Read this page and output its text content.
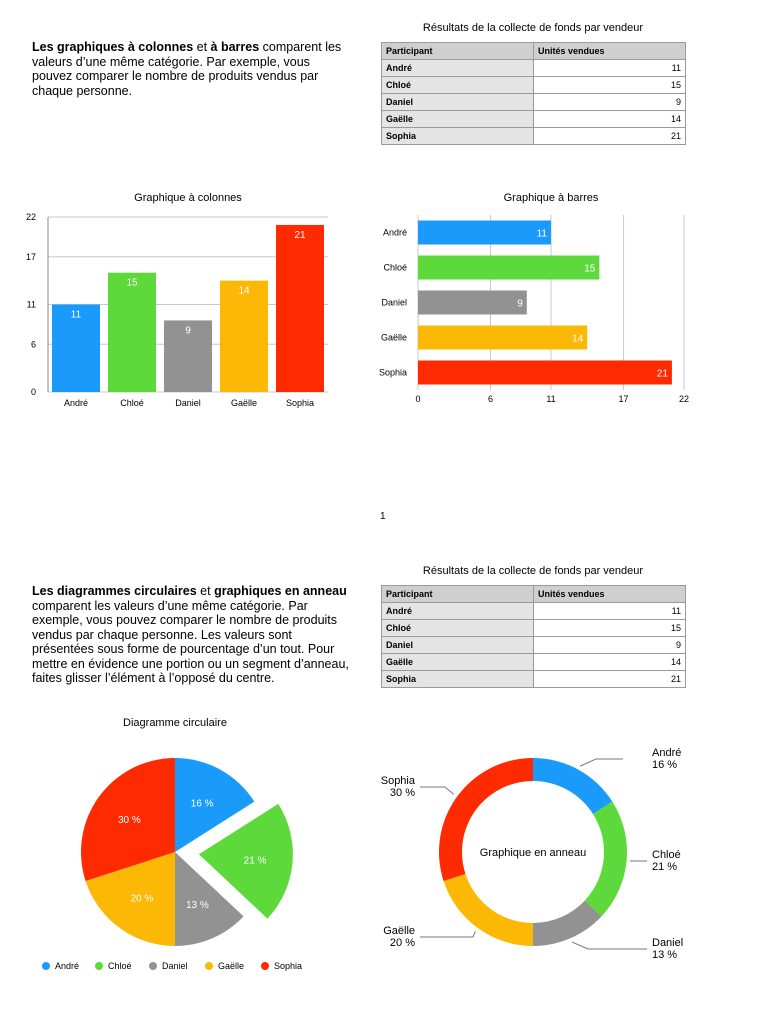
Les graphiques à colonnes et à barres comparent les valeurs d’une même catégorie. Par exemple, vous pouvez comparer le nombre de produits vendus par chaque personne.
Résultats de la collecte de fonds par vendeur
Participant	Unités vendues
André	11
Chloé	15
Daniel	9
Gaëlle	14
Sophia	21
Graphique à colonnes
0
6
11
17
22
11
André
15
Chloé
9
Daniel
14
Gaëlle
21
Sophia
Graphique à barres
0	6	11	17	22
11
André
15
Chloé
9
Daniel
14
Gaëlle
21
Sophia
1
Les diagrammes circulaires et graphiques en anneau comparent les valeurs d’une même catégorie. Par exemple, vous pouvez comparer le nombre de produits vendus par chaque personne. Les valeurs sont présentées sous forme de pourcentage d’un tout. Pour mettre en évidence une portion ou un segment d’anneau, faites glisser l’élément à l’opposé du centre.
Résultats de la collecte de fonds par vendeur
Participant	Unités vendues
André	11
Chloé	15
Daniel	9
Gaëlle	14
Sophia	21
Diagramme circulaire
16 %
21 %
13 %
20 %
30 %
André	Chloé	Daniel	Gaëlle	Sophia
André
16 %
Chloé
21 %
Daniel
13 %
Gaëlle
20 %
Sophia
30 %
Graphique en anneau
